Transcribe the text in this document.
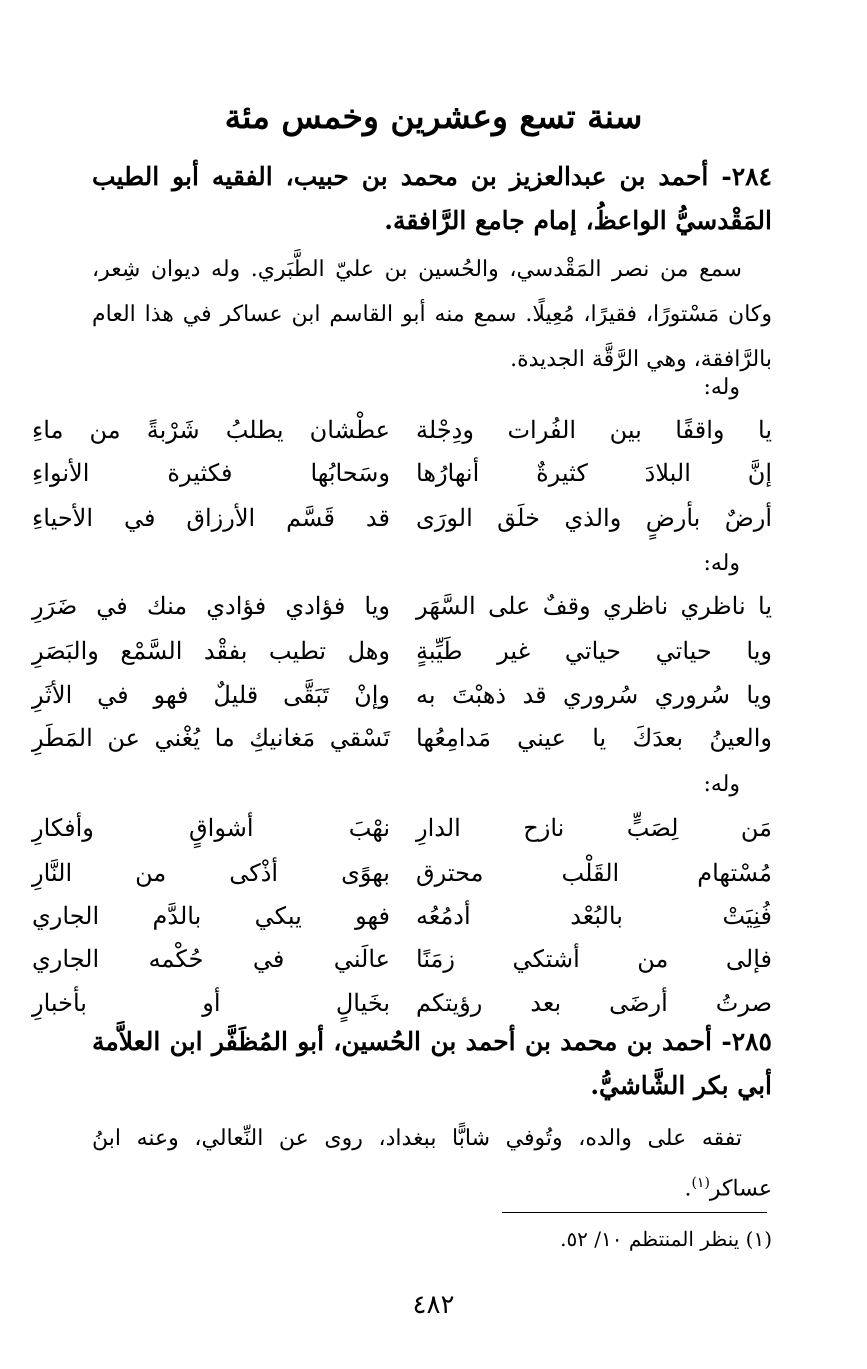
سنة تسع وعشرين وخمس مئة

٢٨٤- أحمد بن عبدالعزيز بن محمد بن حبيب، الفقيه أبو الطيب المَقْدسيُّ الواعظُ، إمام جامع الرَّافقة.

سمع من نصر المَقْدسي، والحُسين بن عليّ الطَّبَري. وله ديوان شِعر، وكان مَسْتورًا، فقيرًا، مُعِيلًا. سمع منه أبو القاسم ابن عساكر في هذا العام بالرَّافقة، وهي الرَّقَّة الجديدة.

وله:

يا واقفًا بين الفُرات ودِجْلة
عطْشان يطلبُ شَرْبةً من ماءِ
إنَّ البلادَ كثيرةٌ أنهارُها
وسَحابُها فكثيرة الأنواءِ
أرضٌ بأرضٍ والذي خلَق الورَى
قد قَسَّم الأرزاق في الأحياءِ

وله:

يا ناظري ناظري وقفٌ على السَّهَر
ويا فؤادي فؤادي منك في ضَرَرِ
ويا حياتي حياتي غير طَيِّبةٍ
وهل تطيب بفقْد السَّمْع والبَصَرِ
ويا سُروري سُروري قد ذهبْتَ به
وإنْ تَبَقَّى قليلٌ فهو في الأثَرِ
والعينُ بعدَكَ يا عيني مَدامِعُها
تَسْقي مَغانيكِ ما يُغْني عن المَطَرِ

وله:

مَن لِصَبٍّ نازح الدارِ
نهْبَ أشواقٍ وأفكارِ
مُسْتهام القَلْب محترق
بهوًى أذْكى من النَّارِ
فُنِيَتْ بالبُعْد أدمُعُه
فهو يبكي بالدَّم الجاري
فإلى من أشتكي زمَنًا
عالَني في حُكْمه الجاري
صرتُ أرضَى بعد رؤيتكم
بخَيالٍ أو بأخبارِ

٢٨٥- أحمد بن محمد بن أحمد بن الحُسين، أبو المُظَفَّر ابن العلاَّمة أبي بكر الشَّاشيُّ.

تفقه على والده، وتُوفي شابًّا ببغداد، روى عن النِّعالي، وعنه ابنُ عساكر$^{(١)}$.

(١) ينظر المنتظم ١٠/ ٥٢.

٤٨٢
